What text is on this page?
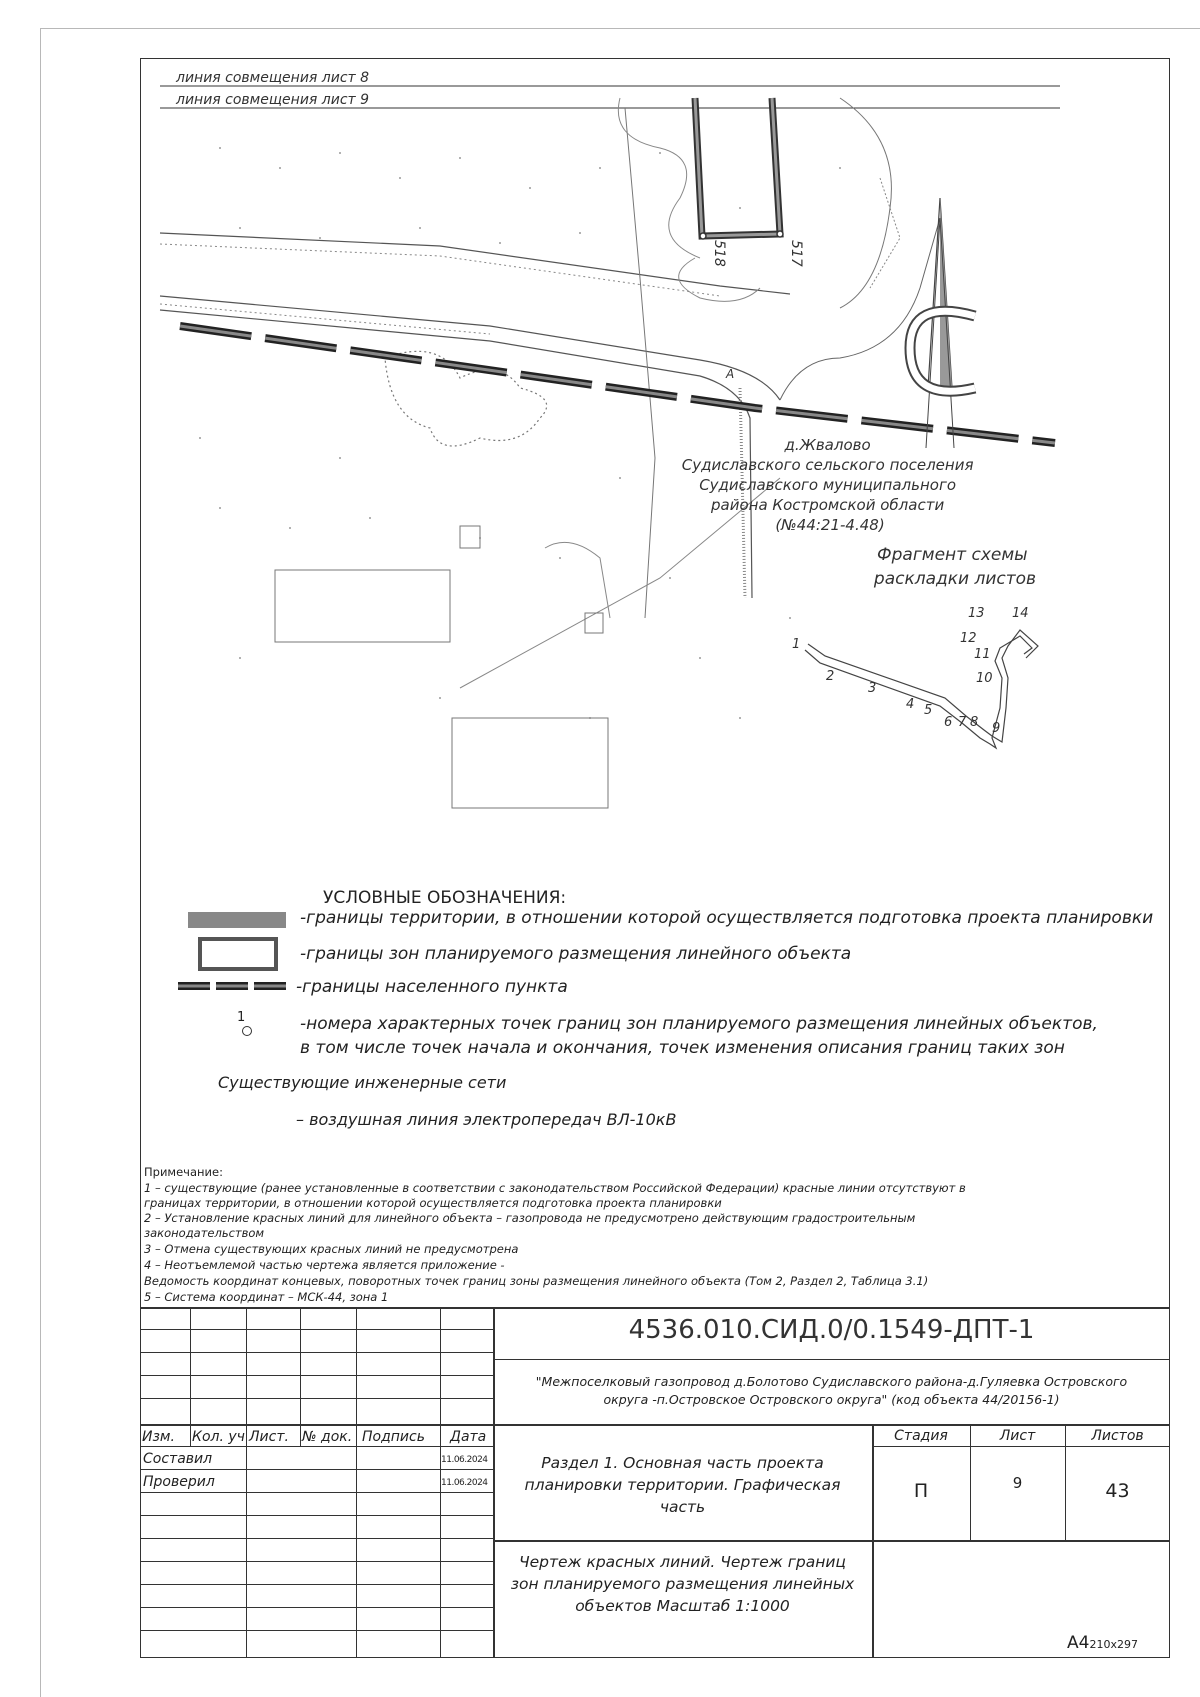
линия совмещения лист 8
линия совмещения лист 9
518	517
А
д.Жвалово Судиславского сельского поселения Судиславского муниципального района Костромской области (№44:21-4.48)
Фрагмент схемы раскладки листов
1
2
3
4 5
6 7 8 9
10
11
12
13 14
УСЛОВНЫЕ ОБОЗНАЧЕНИЯ:
-границы территории, в отношении которой осуществляется подготовка проекта планировки
-границы зон планируемого размещения линейного объекта
-границы населенного пункта
1	-номера характерных точек границ зон планируемого размещения линейных объектов,
в том числе точек начала и окончания, точек изменения описания границ таких зон
Существующие инженерные сети
– воздушная линия электропередач ВЛ-10кВ
Примечание:
1 – существующие (ранее установленные в соответствии с законодательством Российской Федерации) красные линии отсутствуют в
границах территории, в отношении которой осуществляется подготовка проекта планировки
2 – Установление красных линий для линейного объекта – газопровода не предусмотрено действующим градостроительным
законодательством
3 – Отмена существующих красных линий не предусмотрена
4 – Неотъемлемой частью чертежа является приложение -
Ведомость координат концевых, поворотных точек границ зоны размещения линейного объекта (Том 2, Раздел 2, Таблица 3.1)
5 – Система координат – МСК-44, зона 1
4536.010.СИД.0/0.1549-ДПТ-1
"Межпоселковый газопровод д.Болотово Судиславского района-д.Гуляевка Островского
округа -п.Островское Островского округа" (код объекта 44/20156-1)
Изм. Кол. уч Лист. № док. Подпись Дата
Составил
Проверил
11.06.2024
11.06.2024
Раздел 1. Основная часть проекта
планировки территории. Графическая
часть
Стадия	Лист	Листов
П	9	43
Чертеж красных линий. Чертеж границ
зон планируемого размещения линейных
объектов Масштаб 1:1000
А4210x297
